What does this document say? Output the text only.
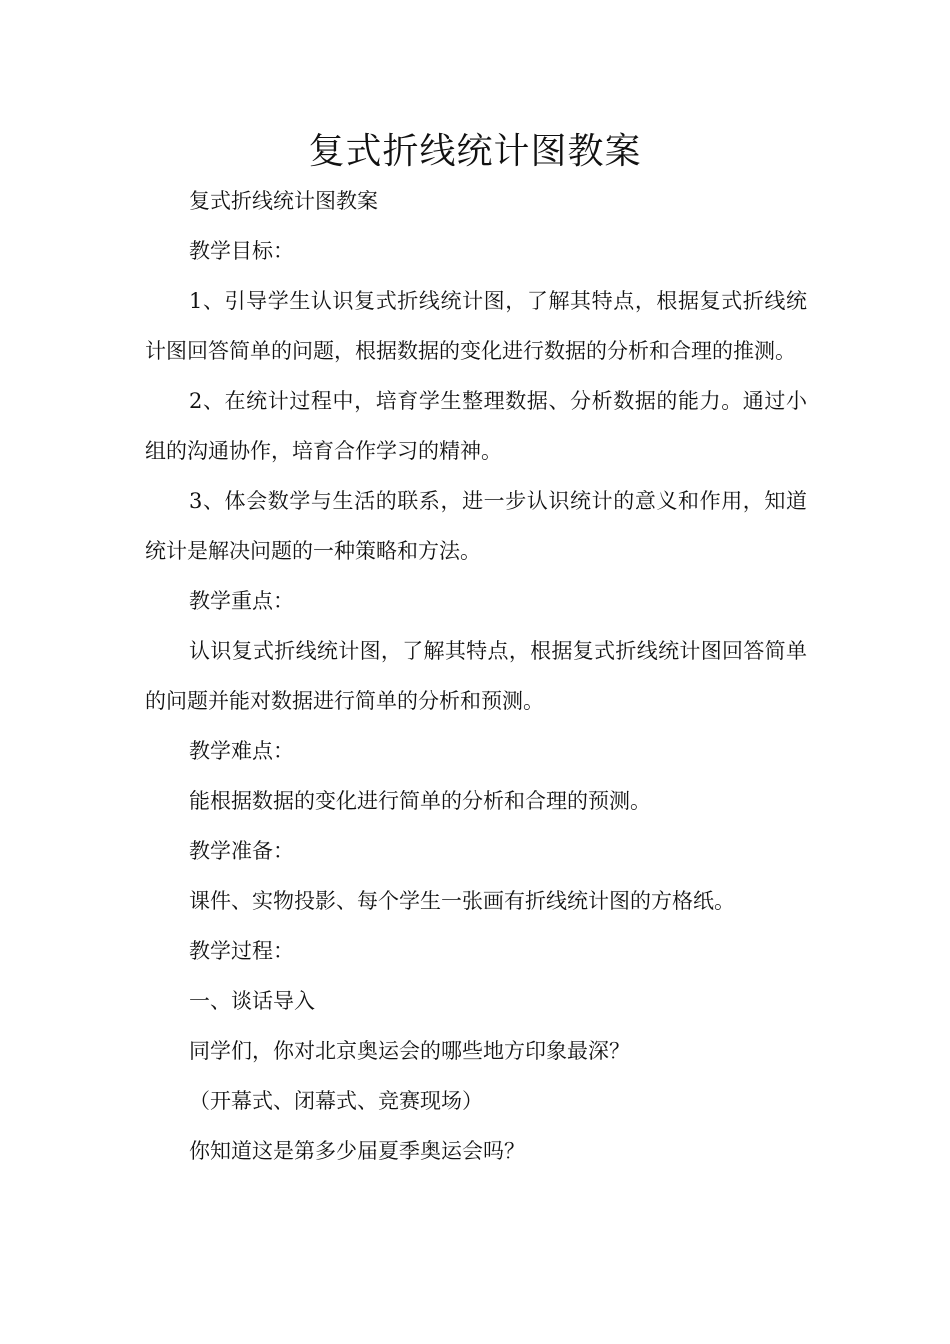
复式折线统计图教案

复式折线统计图教案

教学目标：

1、引导学生认识复式折线统计图，了解其特点，根据复式折线统计图回答简单的问题，根据数据的变化进行数据的分析和合理的推测。

2、在统计过程中，培育学生整理数据、分析数据的能力。通过小组的沟通协作，培育合作学习的精神。

3、体会数学与生活的联系，进一步认识统计的意义和作用，知道统计是解决问题的一种策略和方法。

教学重点：

认识复式折线统计图，了解其特点，根据复式折线统计图回答简单的问题并能对数据进行简单的分析和预测。

教学难点：

能根据数据的变化进行简单的分析和合理的预测。

教学准备：

课件、实物投影、每个学生一张画有折线统计图的方格纸。

教学过程：

一、谈话导入

同学们，你对北京奥运会的哪些地方印象最深？

（开幕式、闭幕式、竞赛现场）

你知道这是第多少届夏季奥运会吗？
